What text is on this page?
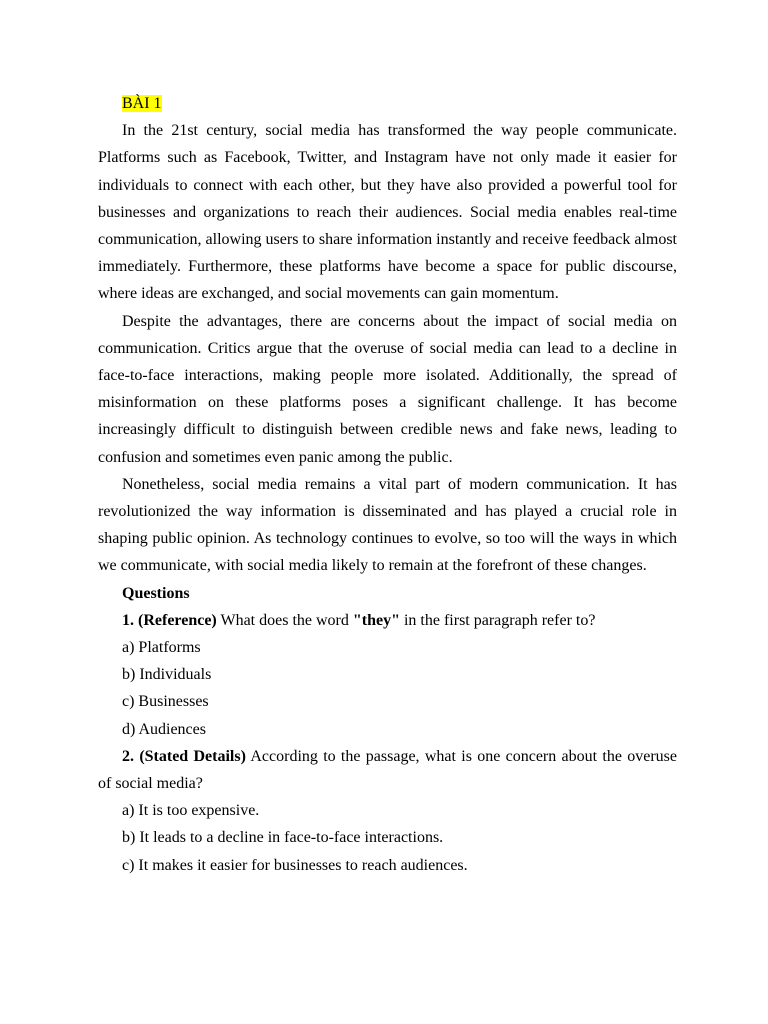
BÀI 1

In the 21st century, social media has transformed the way people communicate. Platforms such as Facebook, Twitter, and Instagram have not only made it easier for individuals to connect with each other, but they have also provided a powerful tool for businesses and organizations to reach their audiences. Social media enables real-time communication, allowing users to share information instantly and receive feedback almost immediately. Furthermore, these platforms have become a space for public discourse, where ideas are exchanged, and social movements can gain momentum.

Despite the advantages, there are concerns about the impact of social media on communication. Critics argue that the overuse of social media can lead to a decline in face-to-face interactions, making people more isolated. Additionally, the spread of misinformation on these platforms poses a significant challenge. It has become increasingly difficult to distinguish between credible news and fake news, leading to confusion and sometimes even panic among the public.

Nonetheless, social media remains a vital part of modern communication. It has revolutionized the way information is disseminated and has played a crucial role in shaping public opinion. As technology continues to evolve, so too will the ways in which we communicate, with social media likely to remain at the forefront of these changes.

Questions

1. (Reference) What does the word "they" in the first paragraph refer to?

a) Platforms

b) Individuals

c) Businesses

d) Audiences

2. (Stated Details) According to the passage, what is one concern about the overuse of social media?

a) It is too expensive.

b) It leads to a decline in face-to-face interactions.

c) It makes it easier for businesses to reach audiences.
